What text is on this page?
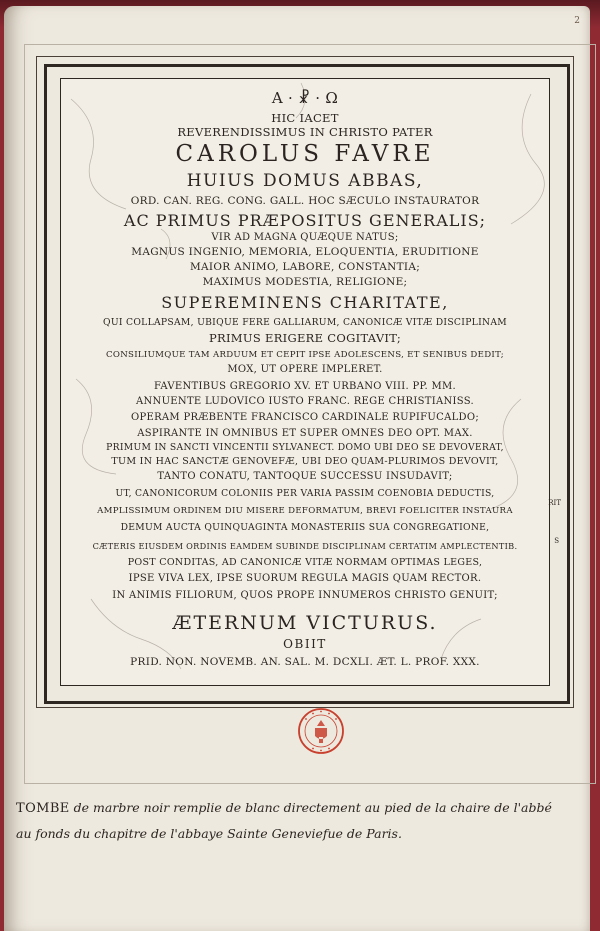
2
A · ☧ · Ω
HIC IACET
REVERENDISSIMUS IN CHRISTO PATER
CAROLUS FAVRE
HUIUS DOMUS ABBAS,
ORD. CAN. REG. CONG. GALL. HOC SÆCULO INSTAURATOR
AC PRIMUS PRÆPOSITUS GENERALIS;
VIR AD MAGNA QUÆQUE NATUS;
MAGNUS INGENIO, MEMORIA, ELOQUENTIA, ERUDITIONE
MAIOR ANIMO, LABORE, CONSTANTIA;
MAXIMUS MODESTIA, RELIGIONE;
SUPEREMINENS CHARITATE,
QUI COLLAPSAM, UBIQUE FERE GALLIARUM, CANONICÆ VITÆ DISCIPLINAM
PRIMUS ERIGERE COGITAVIT;
CONSILIUMQUE TAM ARDUUM ET CEPIT IPSE ADOLESCENS, ET SENIBUS DEDIT;
MOX, UT OPERE IMPLERET.
FAVENTIBUS GREGORIO XV. ET URBANO VIII. PP. MM.
ANNUENTE LUDOVICO IUSTO FRANC. REGE CHRISTIANISS.
OPERAM PRÆBENTE FRANCISCO CARDINALE RUPIFUCALDO;
ASPIRANTE IN OMNIBUS ET SUPER OMNES DEO OPT. MAX.
PRIMUM IN SANCTI VINCENTII SYLVANECT. DOMO UBI DEO SE DEVOVERAT,
TUM IN HAC SANCTÆ GENOVEFÆ, UBI DEO QUAM-PLURIMOS DEVOVIT,
TANTO CONATU, TANTOQUE SUCCESSU INSUDAVIT;
UT, CANONICORUM COLONIIS PER VARIA PASSIM COENOBIA DEDUCTIS,
AMPLISSIMUM ORDINEM DIU MISERE DEFORMATUM, BREVI FOELICITER INSTAURA
DEMUM AUCTA QUINQUAGINTA MONASTERIIS SUA CONGREGATIONE,
CÆTERIS EIUSDEM ORDINIS EAMDEM SUBINDE DISCIPLINAM CERTATIM AMPLECTENTIB.
POST CONDITAS, AD CANONICÆ VITÆ NORMAM OPTIMAS LEGES,
IPSE VIVA LEX, IPSE SUORUM REGULA MAGIS QUAM RECTOR.
IN ANIMIS FILIORUM, QUOS PROPE INNUMEROS CHRISTO GENUIT;
ÆTERNUM VICTURUS.
OBIIT
PRID. NON. NOVEMB. AN. SAL. M. DCXLI. ÆT. L. PROF. XXX.
RIT
S
TOMBE de marbre noir remplie de blanc directement au pied de la chaire de l'abbé
au fonds du chapitre de l'abbaye Sainte Geneviefue de Paris.
